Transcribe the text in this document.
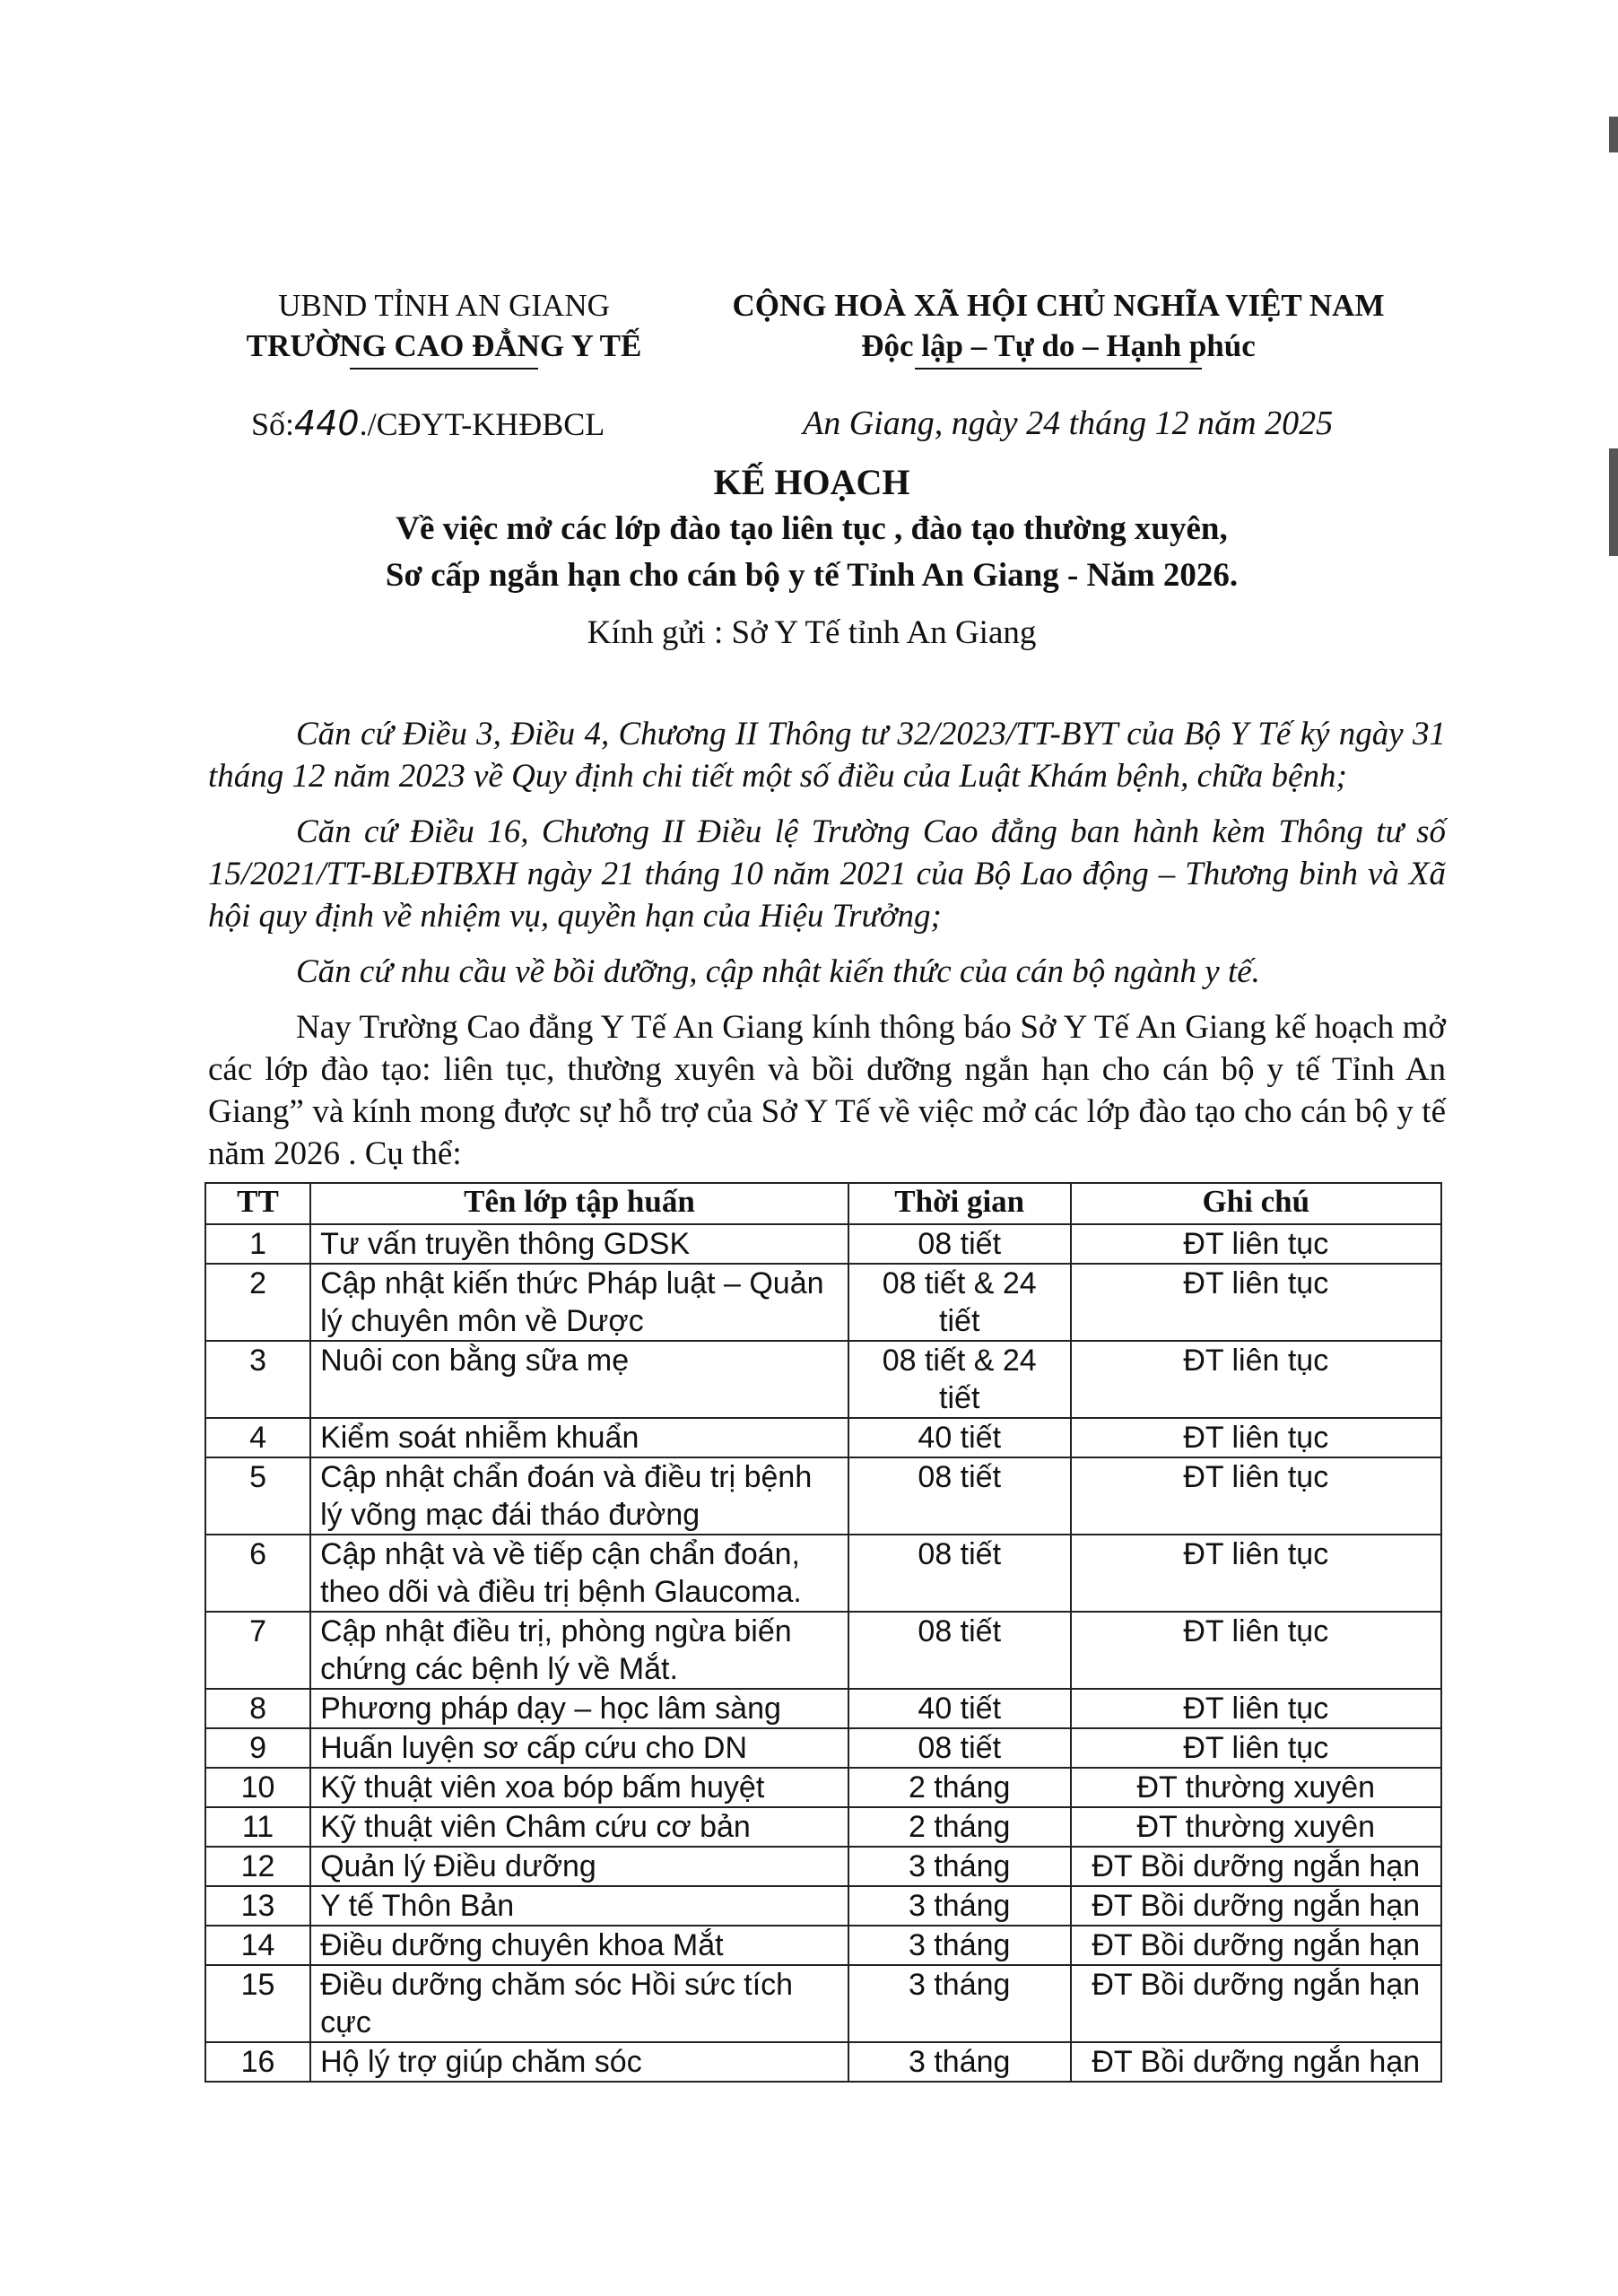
UBND TỈNH AN GIANG
TRƯỜNG CAO ĐẲNG Y TẾ
CỘNG HOÀ XÃ HỘI CHỦ NGHĨA VIỆT NAM
Độc lập – Tự do – Hạnh phúc
Số:440./CĐYT-KHĐBCL	An Giang, ngày 24 tháng 12 năm 2025
KẾ HOẠCH
Về việc mở các lớp đào tạo liên tục , đào tạo thường xuyên,
Sơ cấp ngắn hạn cho cán bộ y tế Tỉnh An Giang - Năm 2026.
Kính gửi : Sở Y Tế tỉnh An Giang

Căn cứ Điều 3, Điều 4, Chương II Thông tư 32/2023/TT-BYT của Bộ Y Tế ký ngày 31 tháng 12 năm 2023 về Quy định chi tiết một số điều của Luật Khám bệnh, chữa bệnh;

Căn cứ Điều 16, Chương II Điều lệ Trường Cao đẳng ban hành kèm Thông tư số 15/2021/TT-BLĐTBXH ngày 21 tháng 10 năm 2021 của Bộ Lao động – Thương binh và Xã hội quy định về nhiệm vụ, quyền hạn của Hiệu Trưởng;

Căn cứ nhu cầu về bồi dưỡng, cập nhật kiến thức của cán bộ ngành y tế.

Nay Trường Cao đẳng Y Tế An Giang kính thông báo Sở Y Tế An Giang kế hoạch mở các lớp đào tạo: liên tục, thường xuyên và bồi dưỡng ngắn hạn cho cán bộ y tế Tỉnh An Giang” và kính mong được sự hỗ trợ của Sở Y Tế về việc mở các lớp đào tạo cho cán bộ y tế năm 2026 . Cụ thể:

TT	Tên lớp tập huấn	Thời gian	Ghi chú
1	Tư vấn truyền thông GDSK	08 tiết	ĐT liên tục
2	Cập nhật kiến thức Pháp luật – Quản lý chuyên môn về Dược	08 tiết & 24 tiết	ĐT liên tục
3	Nuôi con bằng sữa mẹ	08 tiết & 24 tiết	ĐT liên tục
4	Kiểm soát nhiễm khuẩn	40 tiết	ĐT liên tục
5	Cập nhật chẩn đoán và điều trị bệnh lý võng mạc đái tháo đường	08 tiết	ĐT liên tục
6	Cập nhật và về tiếp cận chẩn đoán, theo dõi và điều trị bệnh Glaucoma.	08 tiết	ĐT liên tục
7	Cập nhật điều trị, phòng ngừa biến chứng các bệnh lý về Mắt.	08 tiết	ĐT liên tục
8	Phương pháp dạy – học lâm sàng	40 tiết	ĐT liên tục
9	Huấn luyện sơ cấp cứu cho DN	08 tiết	ĐT liên tục
10	Kỹ thuật viên xoa bóp bấm huyệt	2 tháng	ĐT thường xuyên
11	Kỹ thuật viên Châm cứu cơ bản	2 tháng	ĐT thường xuyên
12	Quản lý Điều dưỡng	3 tháng	ĐT Bồi dưỡng ngắn hạn
13	Y tế Thôn Bản	3 tháng	ĐT Bồi dưỡng ngắn hạn
14	Điều dưỡng chuyên khoa Mắt	3 tháng	ĐT Bồi dưỡng ngắn hạn
15	Điều dưỡng chăm sóc Hồi sức tích cực	3 tháng	ĐT Bồi dưỡng ngắn hạn
16	Hộ lý trợ giúp chăm sóc	3 tháng	ĐT Bồi dưỡng ngắn hạn
